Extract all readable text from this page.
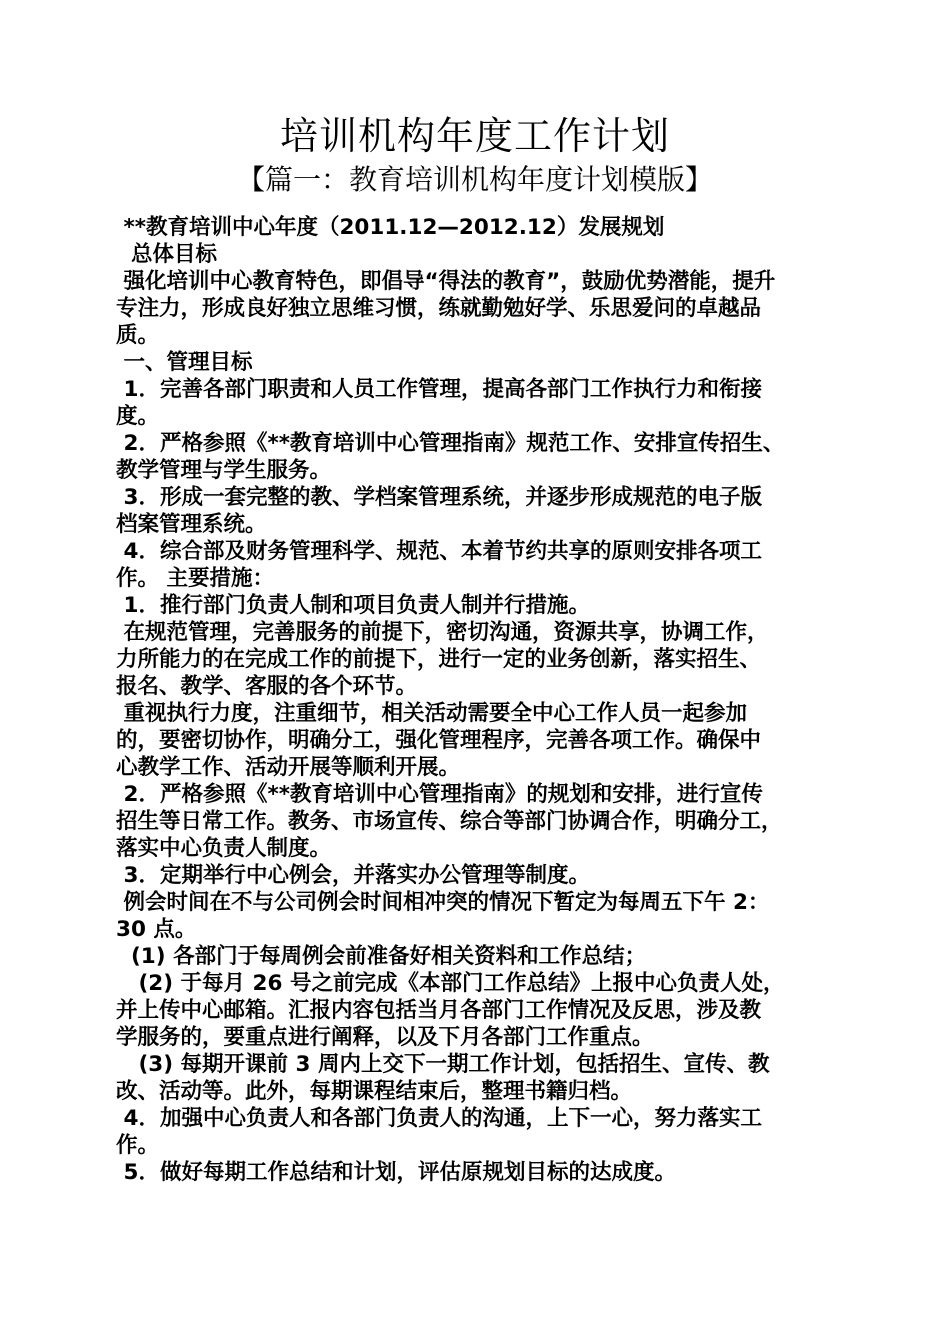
培训机构年度工作计划
【篇一：教育培训机构年度计划模版】
**教育培训中心年度（2011.12—2012.12）发展规划
总体目标
强化培训中心教育特色，即倡导“得法的教育”，鼓励优势潜能，提升
专注力，形成良好独立思维习惯，练就勤勉好学、乐思爱问的卓越品
质。
一、管理目标
1．完善各部门职责和人员工作管理，提高各部门工作执行力和衔接
度。
2．严格参照《**教育培训中心管理指南》规范工作、安排宣传招生、
教学管理与学生服务。
3．形成一套完整的教、学档案管理系统，并逐步形成规范的电子版
档案管理系统。
4．综合部及财务管理科学、规范、本着节约共享的原则安排各项工
作。 主要措施：
1．推行部门负责人制和项目负责人制并行措施。
在规范管理，完善服务的前提下，密切沟通，资源共享，协调工作，
力所能力的在完成工作的前提下，进行一定的业务创新，落实招生、
报名、教学、客服的各个环节。
重视执行力度，注重细节，相关活动需要全中心工作人员一起参加
的，要密切协作，明确分工，强化管理程序，完善各项工作。确保中
心教学工作、活动开展等顺利开展。
2．严格参照《**教育培训中心管理指南》的规划和安排，进行宣传
招生等日常工作。教务、市场宣传、综合等部门协调合作，明确分工，
落实中心负责人制度。
3．定期举行中心例会，并落实办公管理等制度。
例会时间在不与公司例会时间相冲突的情况下暂定为每周五下午 2：
30 点。
(1) 各部门于每周例会前准备好相关资料和工作总结；
(2) 于每月 26 号之前完成《本部门工作总结》上报中心负责人处，
并上传中心邮箱。汇报内容包括当月各部门工作情况及反思，涉及教
学服务的，要重点进行阐释，以及下月各部门工作重点。
(3) 每期开课前 3 周内上交下一期工作计划，包括招生、宣传、教
改、活动等。此外，每期课程结束后，整理书籍归档。
4．加强中心负责人和各部门负责人的沟通，上下一心，努力落实工
作。
5．做好每期工作总结和计划，评估原规划目标的达成度。
